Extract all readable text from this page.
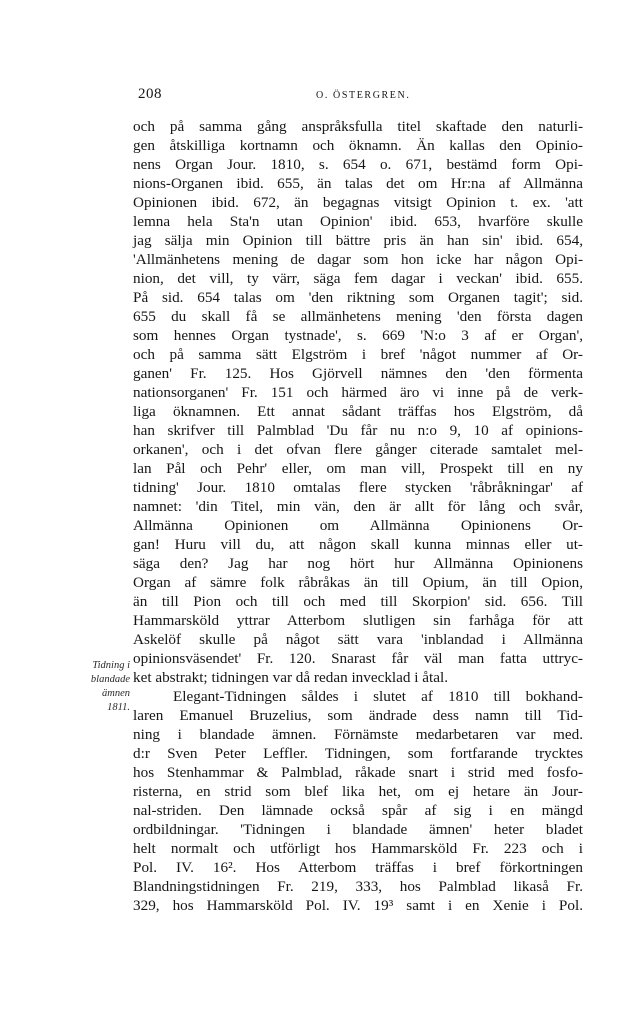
208	O. ÖSTERGREN.
Tidning i
blandade
ämnen
1811.
och på samma gång anspråksfulla titel skaftade den naturli-
gen åtskilliga kortnamn och öknamn. Än kallas den Opinio-
nens Organ Jour. 1810, s. 654 o. 671, bestämd form Opi-
nions-Organen ibid. 655, än talas det om Hr:na af Allmänna
Opinionen ibid. 672, än begagnas vitsigt Opinion t. ex. 'att
lemna hela Sta'n utan Opinion' ibid. 653, hvarföre skulle
jag sälja min Opinion till bättre pris än han sin' ibid. 654,
'Allmänhetens mening de dagar som hon icke har någon Opi-
nion, det vill, ty värr, säga fem dagar i veckan' ibid. 655.
På sid. 654 talas om 'den riktning som Organen tagit'; sid.
655 du skall få se allmänhetens mening 'den första dagen
som hennes Organ tystnade', s. 669 'N:o 3 af er Organ',
och på samma sätt Elgström i bref 'något nummer af Or-
ganen' Fr. 125. Hos Gjörvell nämnes den 'den förmenta
nationsorganen' Fr. 151 och härmed äro vi inne på de verk-
liga öknamnen. Ett annat sådant träffas hos Elgström, då
han skrifver till Palmblad 'Du får nu n:o 9, 10 af opinions-
orkanen', och i det ofvan flere gånger citerade samtalet mel-
lan Pål och Pehr' eller, om man vill, Prospekt till en ny
tidning' Jour. 1810 omtalas flere stycken 'råbråkningar' af
namnet: 'din Titel, min vän, den är allt för lång och svår,
Allmänna Opinionen om Allmänna Opinionens Or-
gan! Huru vill du, att någon skall kunna minnas eller ut-
säga den? Jag har nog hört hur Allmänna Opinionens
Organ af sämre folk råbråkas än till Opium, än till Opion,
än till Pion och till och med till Skorpion' sid. 656. Till
Hammarsköld yttrar Atterbom slutligen sin farhåga för att
Askelöf skulle på något sätt vara 'inblandad i Allmänna
opinionsväsendet' Fr. 120. Snarast får väl man fatta uttryc-
ket abstrakt; tidningen var då redan invecklad i åtal.
Elegant-Tidningen såldes i slutet af 1810 till bokhand-
laren Emanuel Bruzelius, som ändrade dess namn till Tid-
ning i blandade ämnen. Förnämste medarbetaren var med.
d:r Sven Peter Leffler. Tidningen, som fortfarande trycktes
hos Stenhammar & Palmblad, råkade snart i strid med fosfo-
risterna, en strid som blef lika het, om ej hetare än Jour-
nal-striden. Den lämnade också spår af sig i en mängd
ordbildningar. 'Tidningen i blandade ämnen' heter bladet
helt normalt och utförligt hos Hammarsköld Fr. 223 och i
Pol. IV. 16². Hos Atterbom träffas i bref förkortningen
Blandningstidningen Fr. 219, 333, hos Palmblad likaså Fr.
329, hos Hammarsköld Pol. IV. 19³ samt i en Xenie i Pol.
